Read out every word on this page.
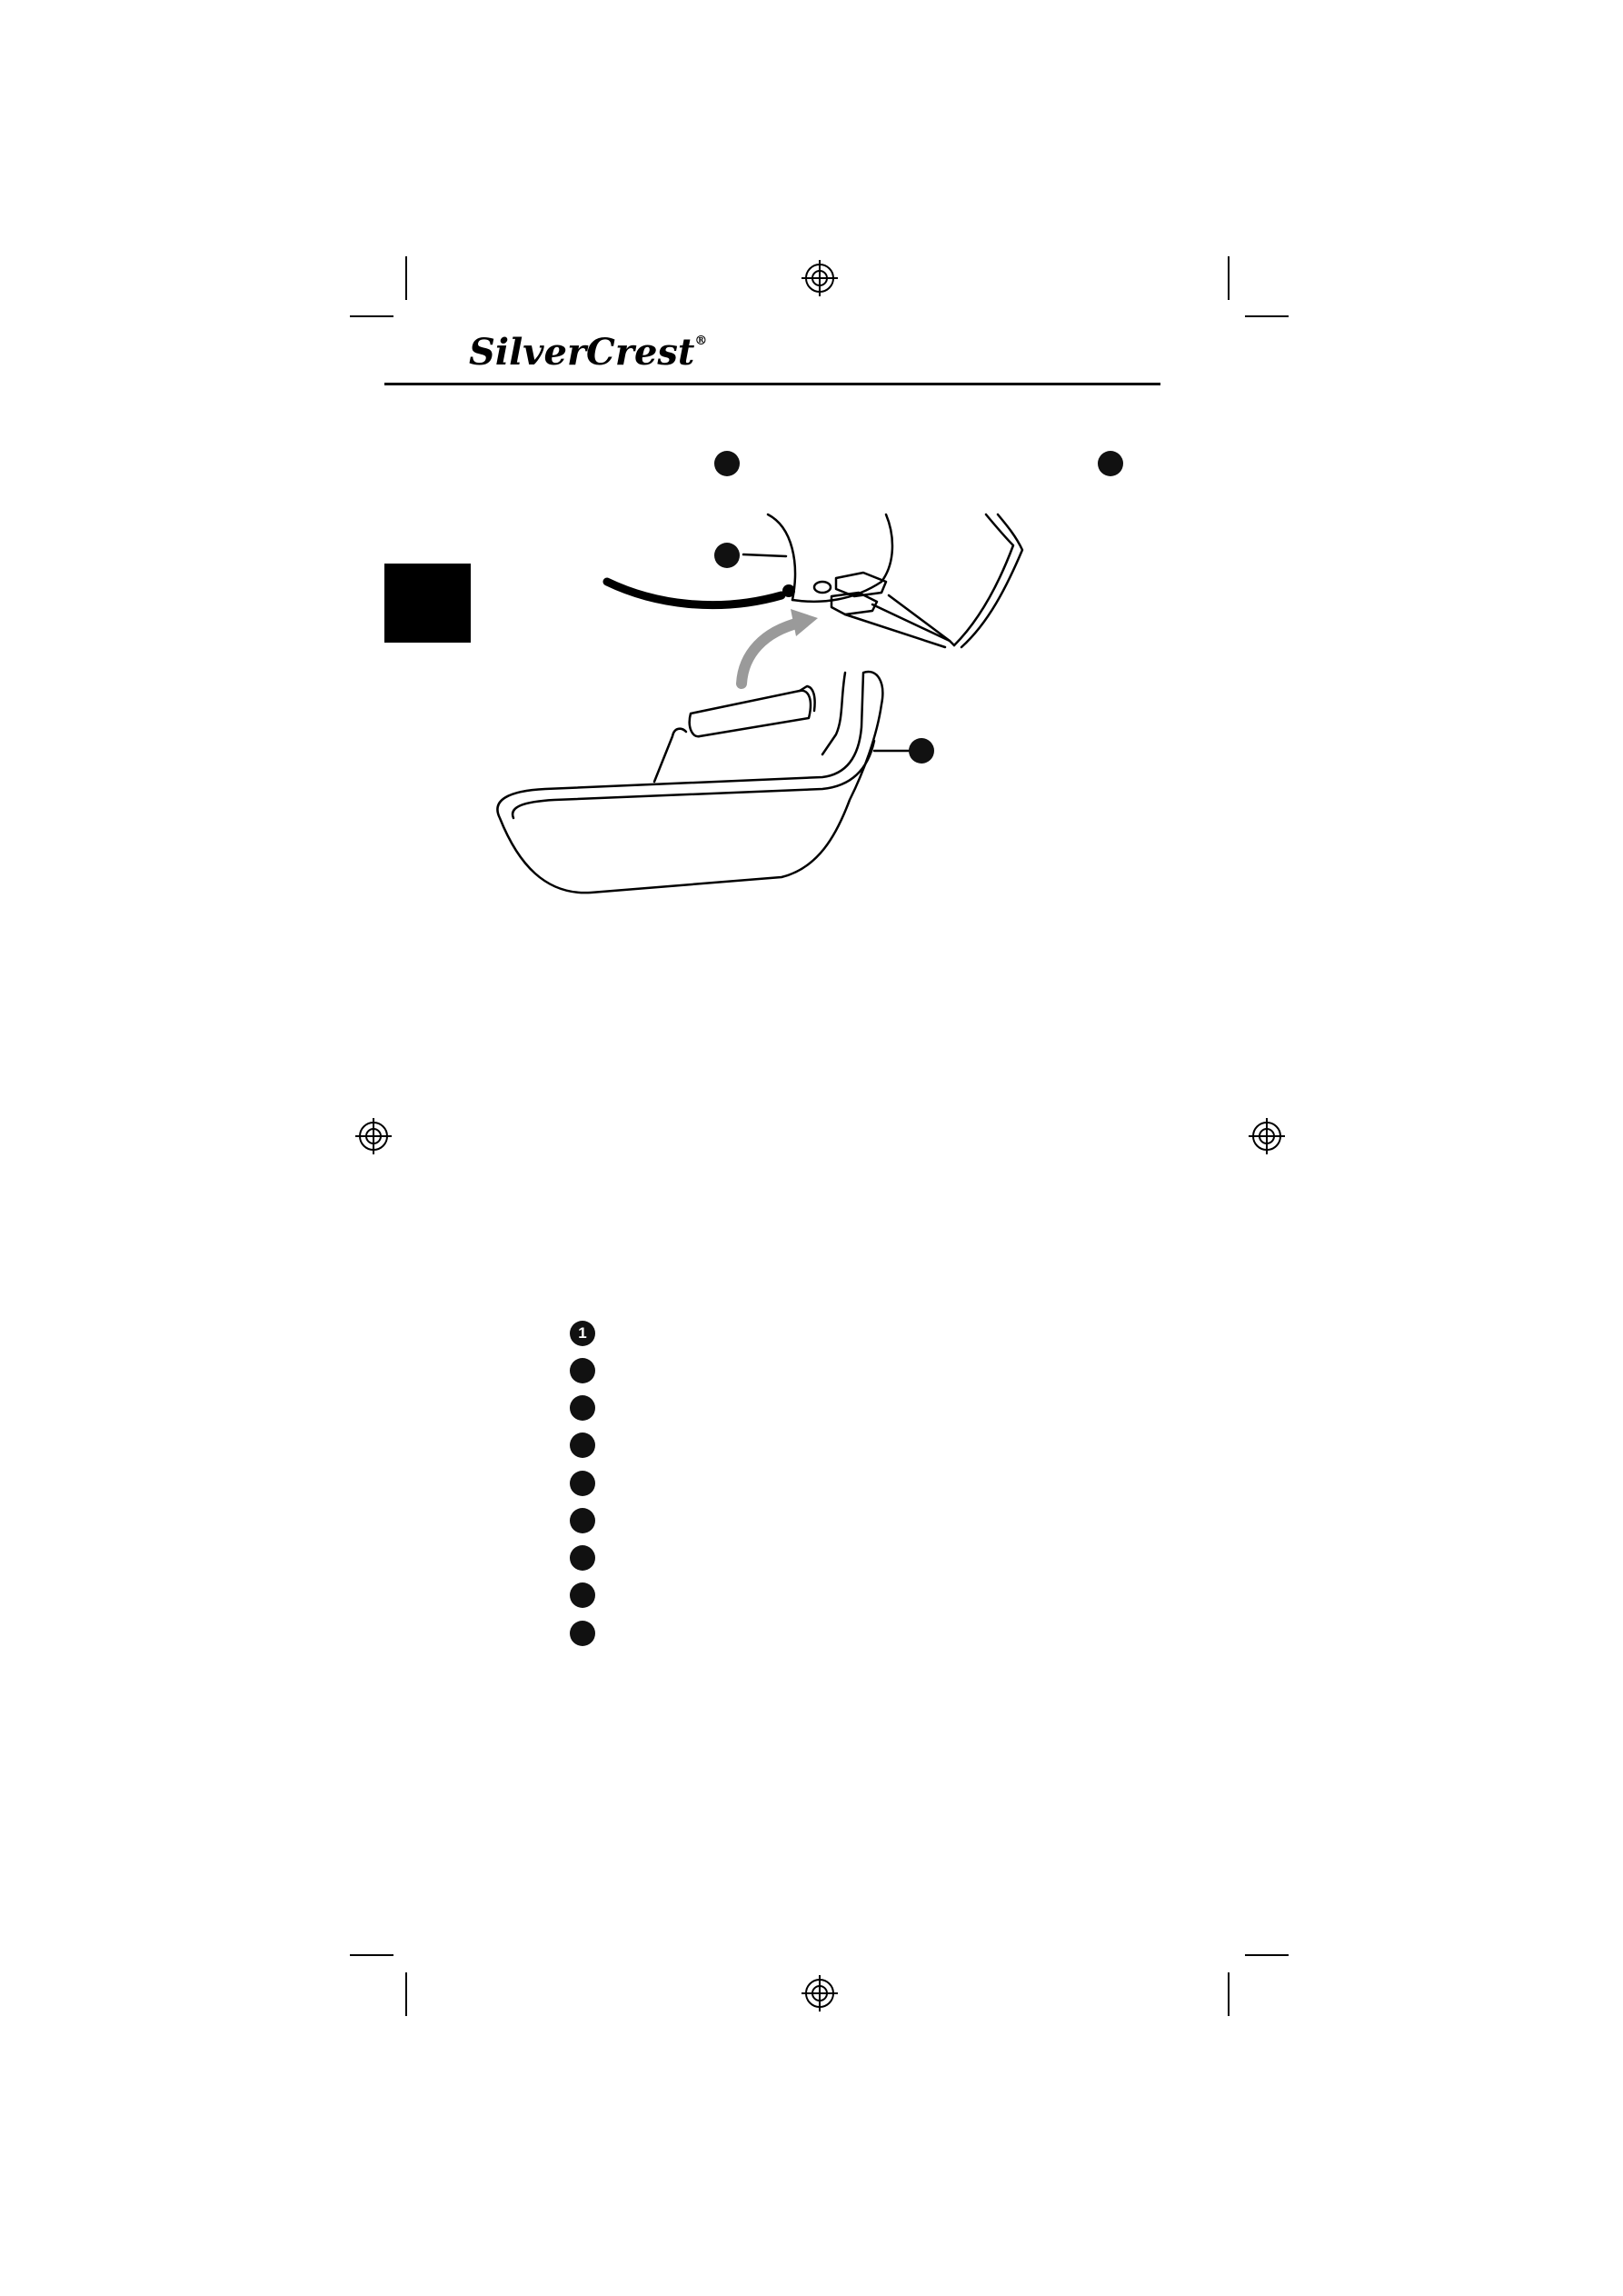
SilverCrest®
1
